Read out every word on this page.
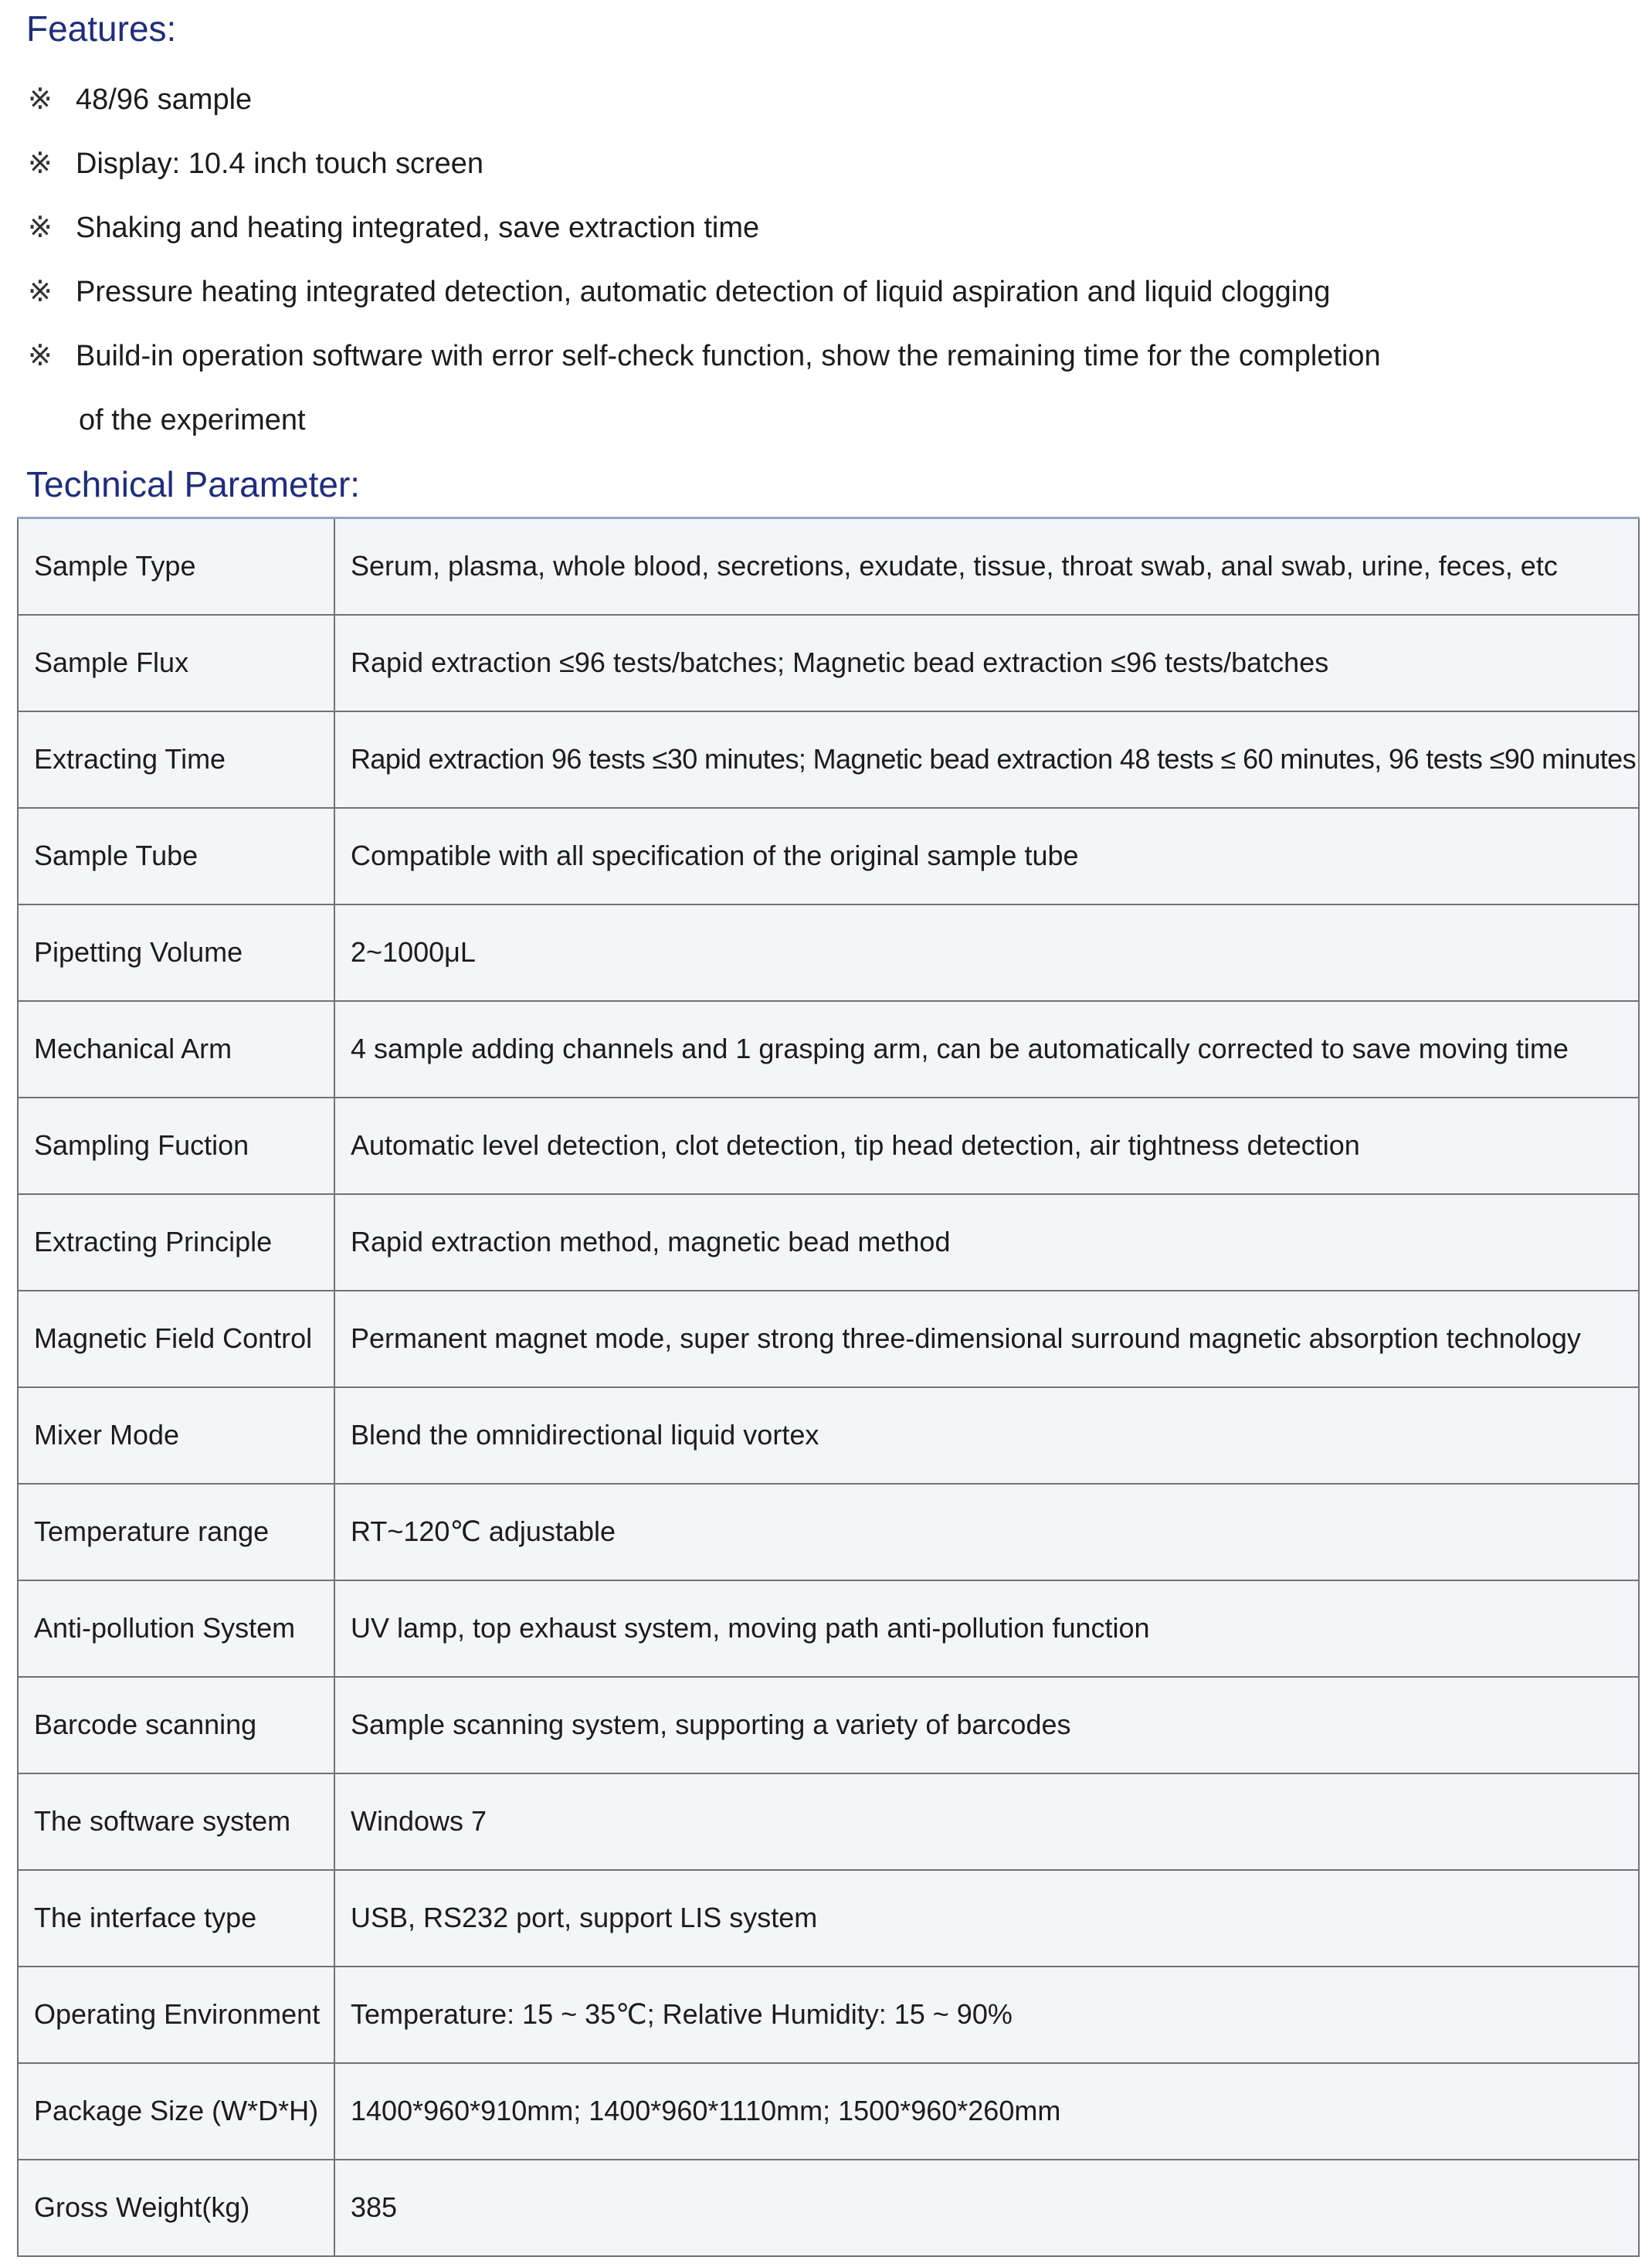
Features:
※ 48/96 sample
※ Display: 10.4 inch touch screen
※ Shaking and heating integrated, save extraction time
※ Pressure heating integrated detection, automatic detection of liquid aspiration and liquid clogging
※ Build-in operation software with error self-check function, show the remaining time for the completion
of the experiment
Technical Parameter:
Sample Type	Serum, plasma, whole blood, secretions, exudate, tissue, throat swab, anal swab, urine, feces, etc
Sample Flux	Rapid extraction ≤96 tests/batches; Magnetic bead extraction ≤96 tests/batches
Extracting Time	Rapid extraction 96 tests ≤30 minutes; Magnetic bead extraction 48 tests ≤ 60 minutes, 96 tests ≤90 minutes
Sample Tube	Compatible with all specification of the original sample tube
Pipetting Volume	2~1000μL
Mechanical Arm	4 sample adding channels and 1 grasping arm, can be automatically corrected to save moving time
Sampling Fuction	Automatic level detection, clot detection, tip head detection, air tightness detection
Extracting Principle	Rapid extraction method, magnetic bead method
Magnetic Field Control	Permanent magnet mode, super strong three-dimensional surround magnetic absorption technology
Mixer Mode	Blend the omnidirectional liquid vortex
Temperature range	RT~120℃ adjustable
Anti-pollution System	UV lamp, top exhaust system, moving path anti-pollution function
Barcode scanning	Sample scanning system, supporting a variety of barcodes
The software system	Windows 7
The interface type	USB, RS232 port, support LIS system
Operating Environment	Temperature: 15 ~ 35℃; Relative Humidity: 15 ~ 90%
Package Size (W*D*H)	1400*960*910mm; 1400*960*1110mm; 1500*960*260mm
Gross Weight(kg)	385
